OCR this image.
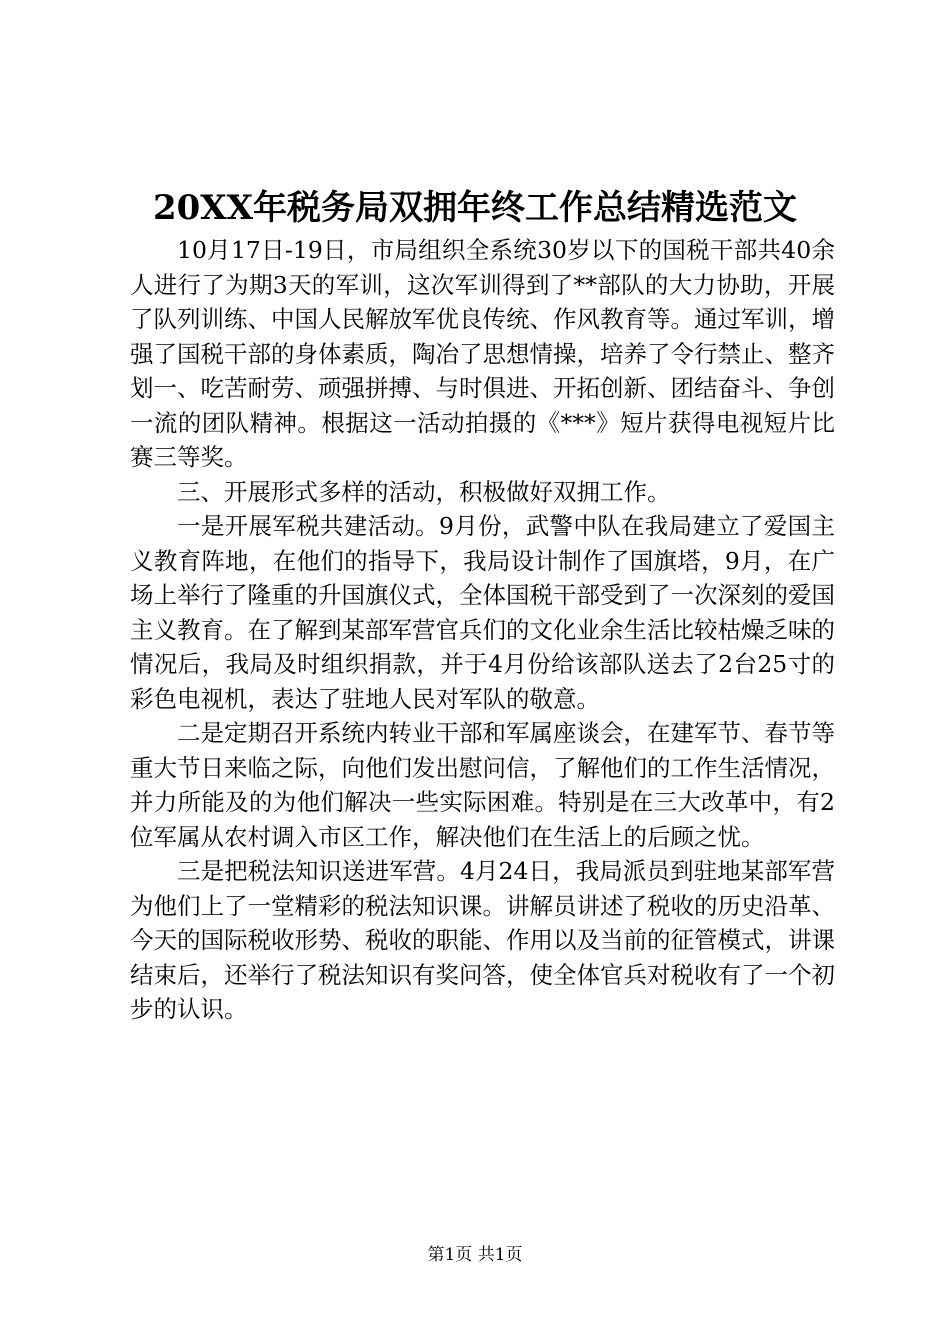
20XX年税务局双拥年终工作总结精选范文

10月17日-19日，市局组织全系统30岁以下的国税干部共40余人进行了为期3天的军训，这次军训得到了**部队的大力协助，开展了队列训练、中国人民解放军优良传统、作风教育等。通过军训，增强了国税干部的身体素质，陶冶了思想情操，培养了令行禁止、整齐划一、吃苦耐劳、顽强拼搏、与时俱进、开拓创新、团结奋斗、争创一流的团队精神。根据这一活动拍摄的《***》短片获得电视短片比赛三等奖。

三、开展形式多样的活动，积极做好双拥工作。

一是开展军税共建活动。9月份，武警中队在我局建立了爱国主义教育阵地，在他们的指导下，我局设计制作了国旗塔，9月，在广场上举行了隆重的升国旗仪式，全体国税干部受到了一次深刻的爱国主义教育。在了解到某部军营官兵们的文化业余生活比较枯燥乏味的情况后，我局及时组织捐款，并于4月份给该部队送去了2台25寸的彩色电视机，表达了驻地人民对军队的敬意。

二是定期召开系统内转业干部和军属座谈会，在建军节、春节等重大节日来临之际，向他们发出慰问信，了解他们的工作生活情况，并力所能及的为他们解决一些实际困难。特别是在三大改革中，有2位军属从农村调入市区工作，解决他们在生活上的后顾之忧。

三是把税法知识送进军营。4月24日，我局派员到驻地某部军营为他们上了一堂精彩的税法知识课。讲解员讲述了税收的历史沿革、今天的国际税收形势、税收的职能、作用以及当前的征管模式，讲课结束后，还举行了税法知识有奖问答，使全体官兵对税收有了一个初步的认识。

第1页 共1页
